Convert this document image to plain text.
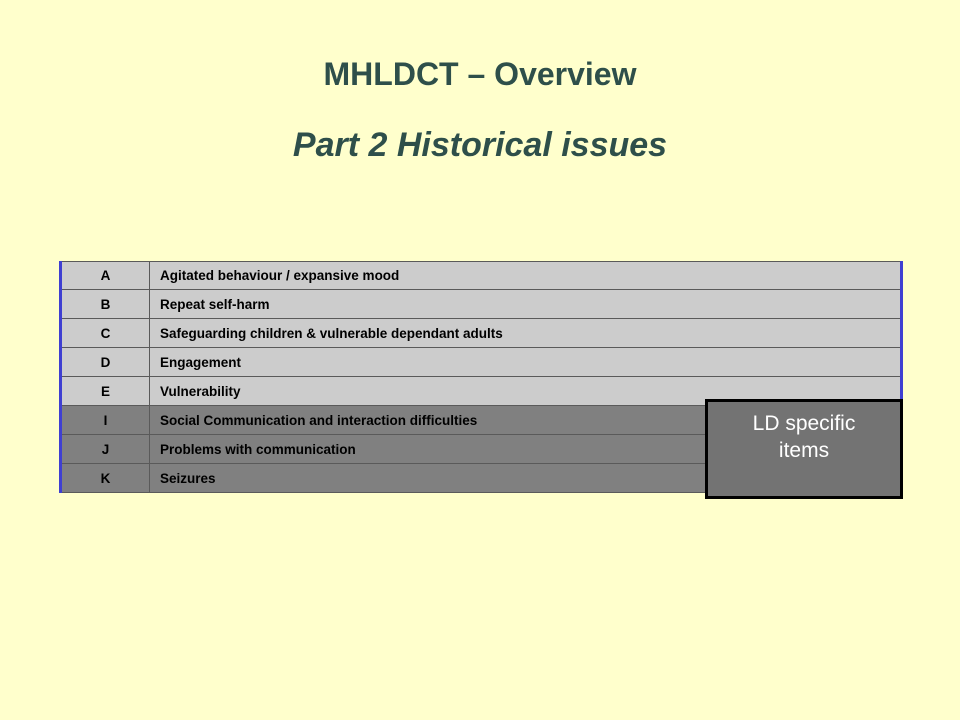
MHLDCT – Overview
Part 2 Historical issues
A	Agitated behaviour / expansive mood
B	Repeat self-harm
C	Safeguarding children & vulnerable dependant adults
D	Engagement
E	Vulnerability
I	Social Communication and interaction difficulties
J	Problems with communication
K	Seizures
LD specific
items
